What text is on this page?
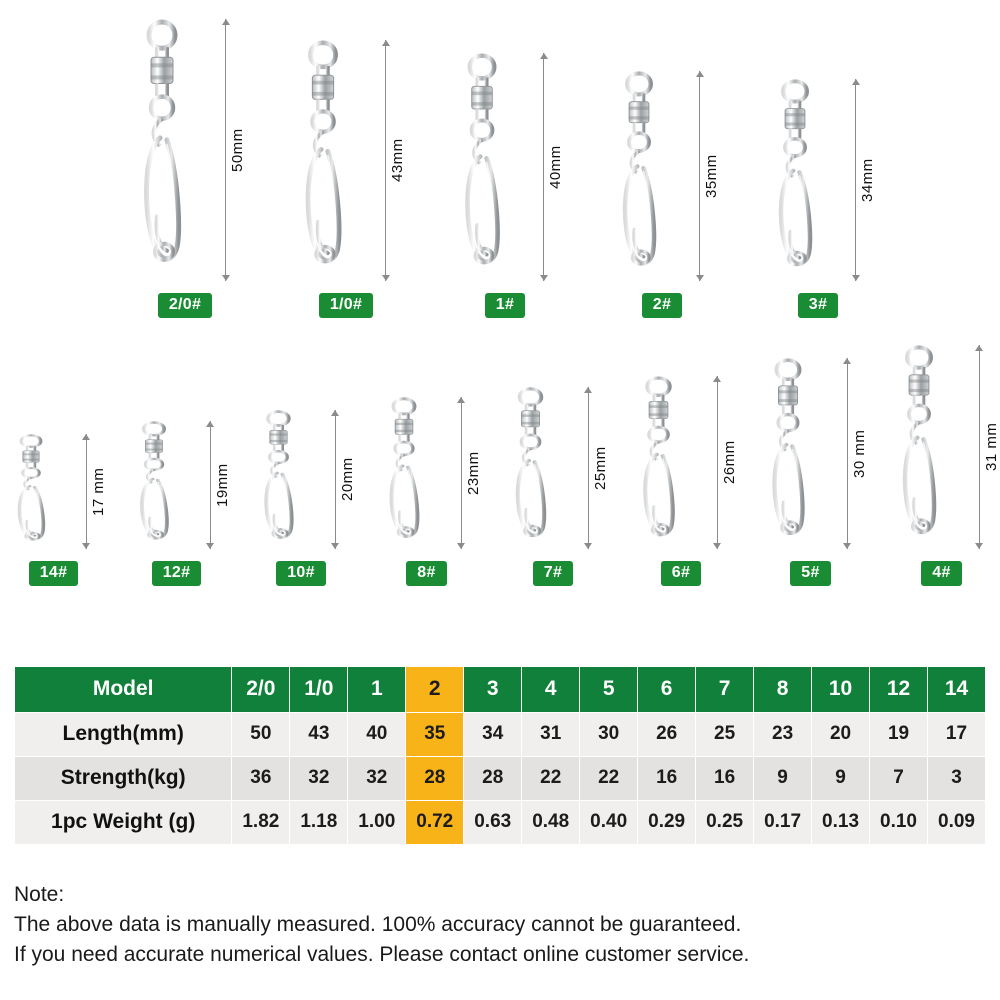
50mm
2/0#
43mm
1/0#
40mm
1#
35mm
2#
34mm
3#
17 mm
14#
19mm
12#
20mm
10#
23mm
8#
25mm
7#
26mm
6#
30 mm
5#
31 mm
4#
Model	2/0	1/0	1	2	3	4	5	6	7	8	10	12	14
Length(mm)	50	43	40	35	34	31	30	26	25	23	20	19	17
Strength(kg)	36	32	32	28	28	22	22	16	16	9	9	7	3
1pc Weight (g)	1.82	1.18	1.00	0.72	0.63	0.48	0.40	0.29	0.25	0.17	0.13	0.10	0.09
Note:
The above data is manually measured. 100% accuracy cannot be guaranteed.
If you need accurate numerical values. Please contact online customer service.
